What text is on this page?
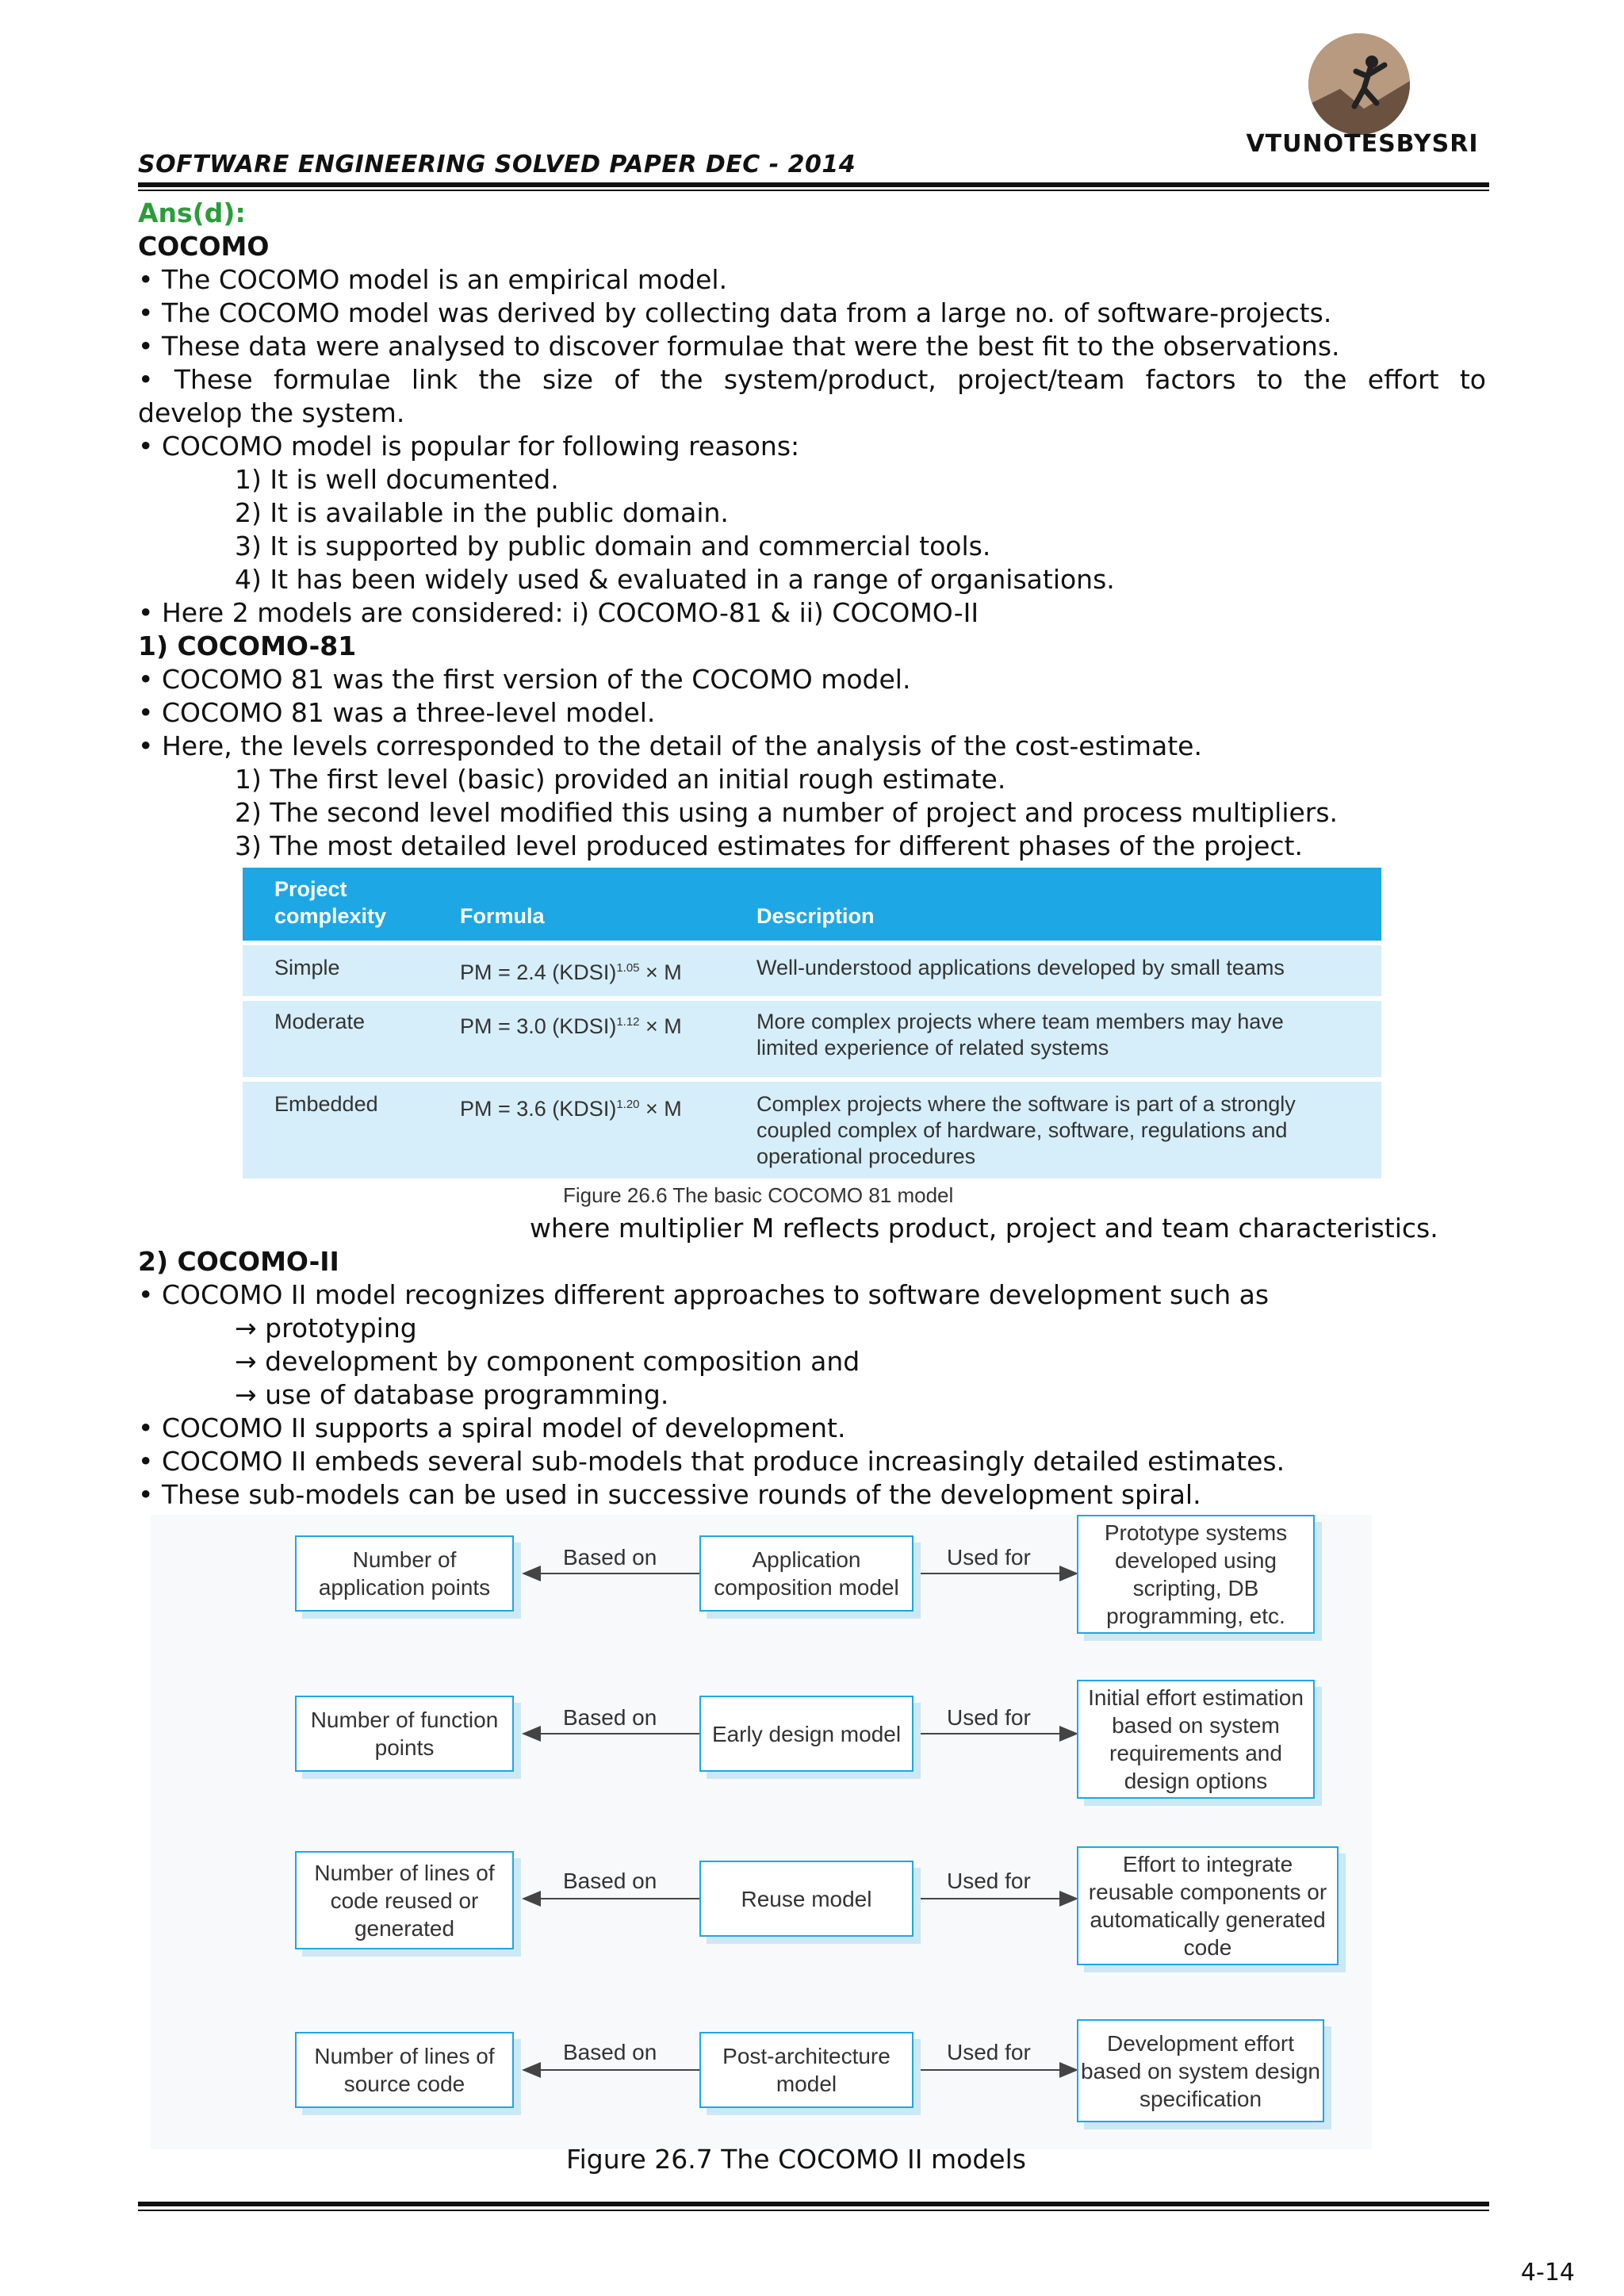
VTUNOTESBYSRI
SOFTWARE ENGINEERING SOLVED PAPER DEC - 2014
Ans(d):
COCOMO
• The COCOMO model is an empirical model.
• The COCOMO model was derived by collecting data from a large no. of software-projects.
• These data were analysed to discover formulae that were the best fit to the observations.
• These formulae link the size of the system/product, project/team factors to the effort to
develop the system.
• COCOMO model is popular for following reasons:
1) It is well documented.
2) It is available in the public domain.
3) It is supported by public domain and commercial tools.
4) It has been widely used & evaluated in a range of organisations.
• Here 2 models are considered: i) COCOMO-81 & ii) COCOMO-II
1) COCOMO-81
• COCOMO 81 was the first version of the COCOMO model.
• COCOMO 81 was a three-level model.
• Here, the levels corresponded to the detail of the analysis of the cost-estimate.
1) The first level (basic) provided an initial rough estimate.
2) The second level modified this using a number of project and process multipliers.
3) The most detailed level produced estimates for different phases of the project.
Project
complexity	Formula	Description
Simple	PM = 2.4 (KDSI)$^{1.05}$ × M	Well-understood applications developed by small teams
Moderate	PM = 3.0 (KDSI)$^{1.12}$ × M	More complex projects where team members may have
limited experience of related systems
Embedded	PM = 3.6 (KDSI)$^{1.20}$ × M	Complex projects where the software is part of a strongly
coupled complex of hardware, software, regulations and
operational procedures
Figure 26.6 The basic COCOMO 81 model
where multiplier M reflects product, project and team characteristics.
2) COCOMO-II
• COCOMO II model recognizes different approaches to software development such as
→ prototyping
→ development by component composition and
→ use of database programming.
• COCOMO II supports a spiral model of development.
• COCOMO II embeds several sub-models that produce increasingly detailed estimates.
• These sub-models can be used in successive rounds of the development spiral.
Number of application points
Based on	Application composition model
Used for
Prototype systems developed using scripting, DB programming, etc.
Number of function points
Based on
Early design model
Used for
Initial effort estimation based on system requirements and design options
Number of lines of code reused or generated
Based on
Reuse model
Used for
Effort to integrate reusable components or automatically generated code
Number of lines of source code
Based on	Post-architecture model
Used for	Development effort based on system design specification
Figure 26.7 The COCOMO II models
4-14
